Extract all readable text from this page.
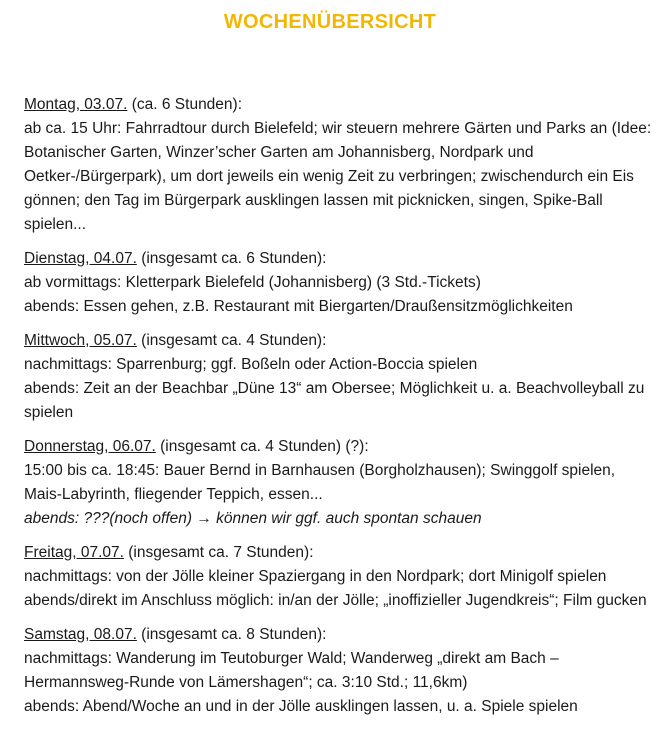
WOCHENÜBERSICHT

Montag, 03.07. (ca. 6 Stunden):

ab ca. 15 Uhr: Fahrradtour durch Bielefeld; wir steuern mehrere Gärten und Parks an (Idee: Botanischer Garten, Winzer’scher Garten am Johannisberg, Nordpark und Oetker-/Bürgerpark), um dort jeweils ein wenig Zeit zu verbringen; zwischendurch ein Eis gönnen; den Tag im Bürgerpark ausklingen lassen mit picknicken, singen, Spike-Ball spielen...

Dienstag, 04.07. (insgesamt ca. 6 Stunden):

ab vormittags: Kletterpark Bielefeld (Johannisberg) (3 Std.-Tickets)

abends: Essen gehen, z.B. Restaurant mit Biergarten/Draußensitzmöglichkeiten

Mittwoch, 05.07. (insgesamt ca. 4 Stunden):

nachmittags: Sparrenburg; ggf. Boßeln oder Action-Boccia spielen

abends: Zeit an der Beachbar „Düne 13“ am Obersee; Möglichkeit u. a. Beachvolleyball zu spielen

Donnerstag, 06.07. (insgesamt ca. 4 Stunden) (?):

15:00 bis ca. 18:45: Bauer Bernd in Barnhausen (Borgholzhausen); Swinggolf spielen, Mais-Labyrinth, fliegender Teppich, essen...

abends: ???(noch offen) → können wir ggf. auch spontan schauen

Freitag, 07.07. (insgesamt ca. 7 Stunden):

nachmittags: von der Jölle kleiner Spaziergang in den Nordpark; dort Minigolf spielen

abends/direkt im Anschluss möglich: in/an der Jölle; „inoffizieller Jugendkreis“; Film gucken

Samstag, 08.07. (insgesamt ca. 8 Stunden):

nachmittags: Wanderung im Teutoburger Wald; Wanderweg „direkt am Bach – Hermannsweg-Runde von Lämershagen“; ca. 3:10 Std.; 11,6km)

abends: Abend/Woche an und in der Jölle ausklingen lassen, u. a. Spiele spielen
